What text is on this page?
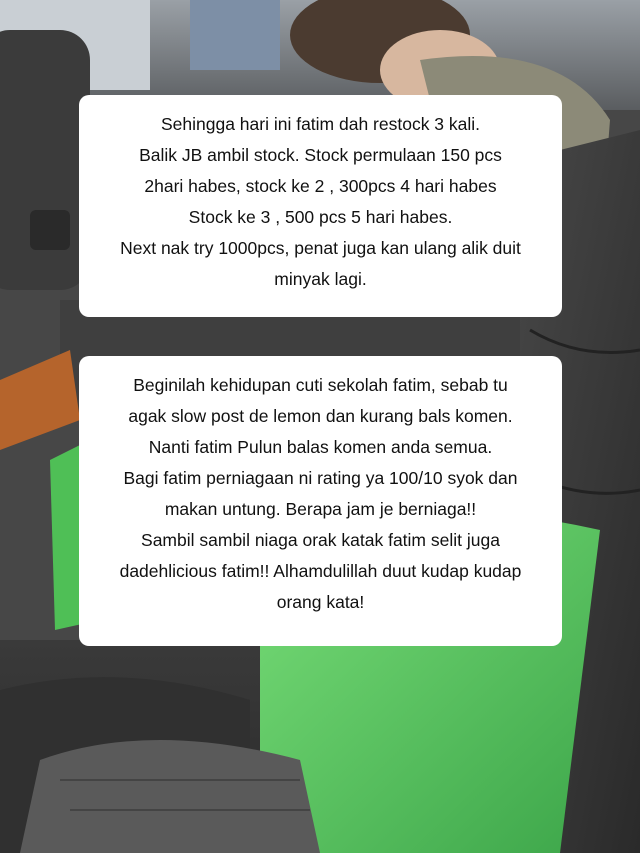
Sehingga hari ini fatim dah restock 3 kali.
Balik JB ambil stock. Stock permulaan 150 pcs
2hari habes, stock ke 2 , 300pcs 4 hari habes
Stock ke 3 , 500 pcs 5 hari habes.
Next nak try 1000pcs, penat juga kan ulang alik duit
minyak lagi.
Beginilah kehidupan cuti sekolah fatim, sebab tu
agak slow post de lemon dan kurang bals komen.
Nanti fatim Pulun balas komen anda semua.
Bagi fatim perniagaan ni rating ya 100/10 syok dan
makan untung. Berapa jam je berniaga!!
Sambil sambil niaga orak katak fatim selit juga
dadehlicious fatim!! Alhamdulillah duut kudap kudap
orang kata!
